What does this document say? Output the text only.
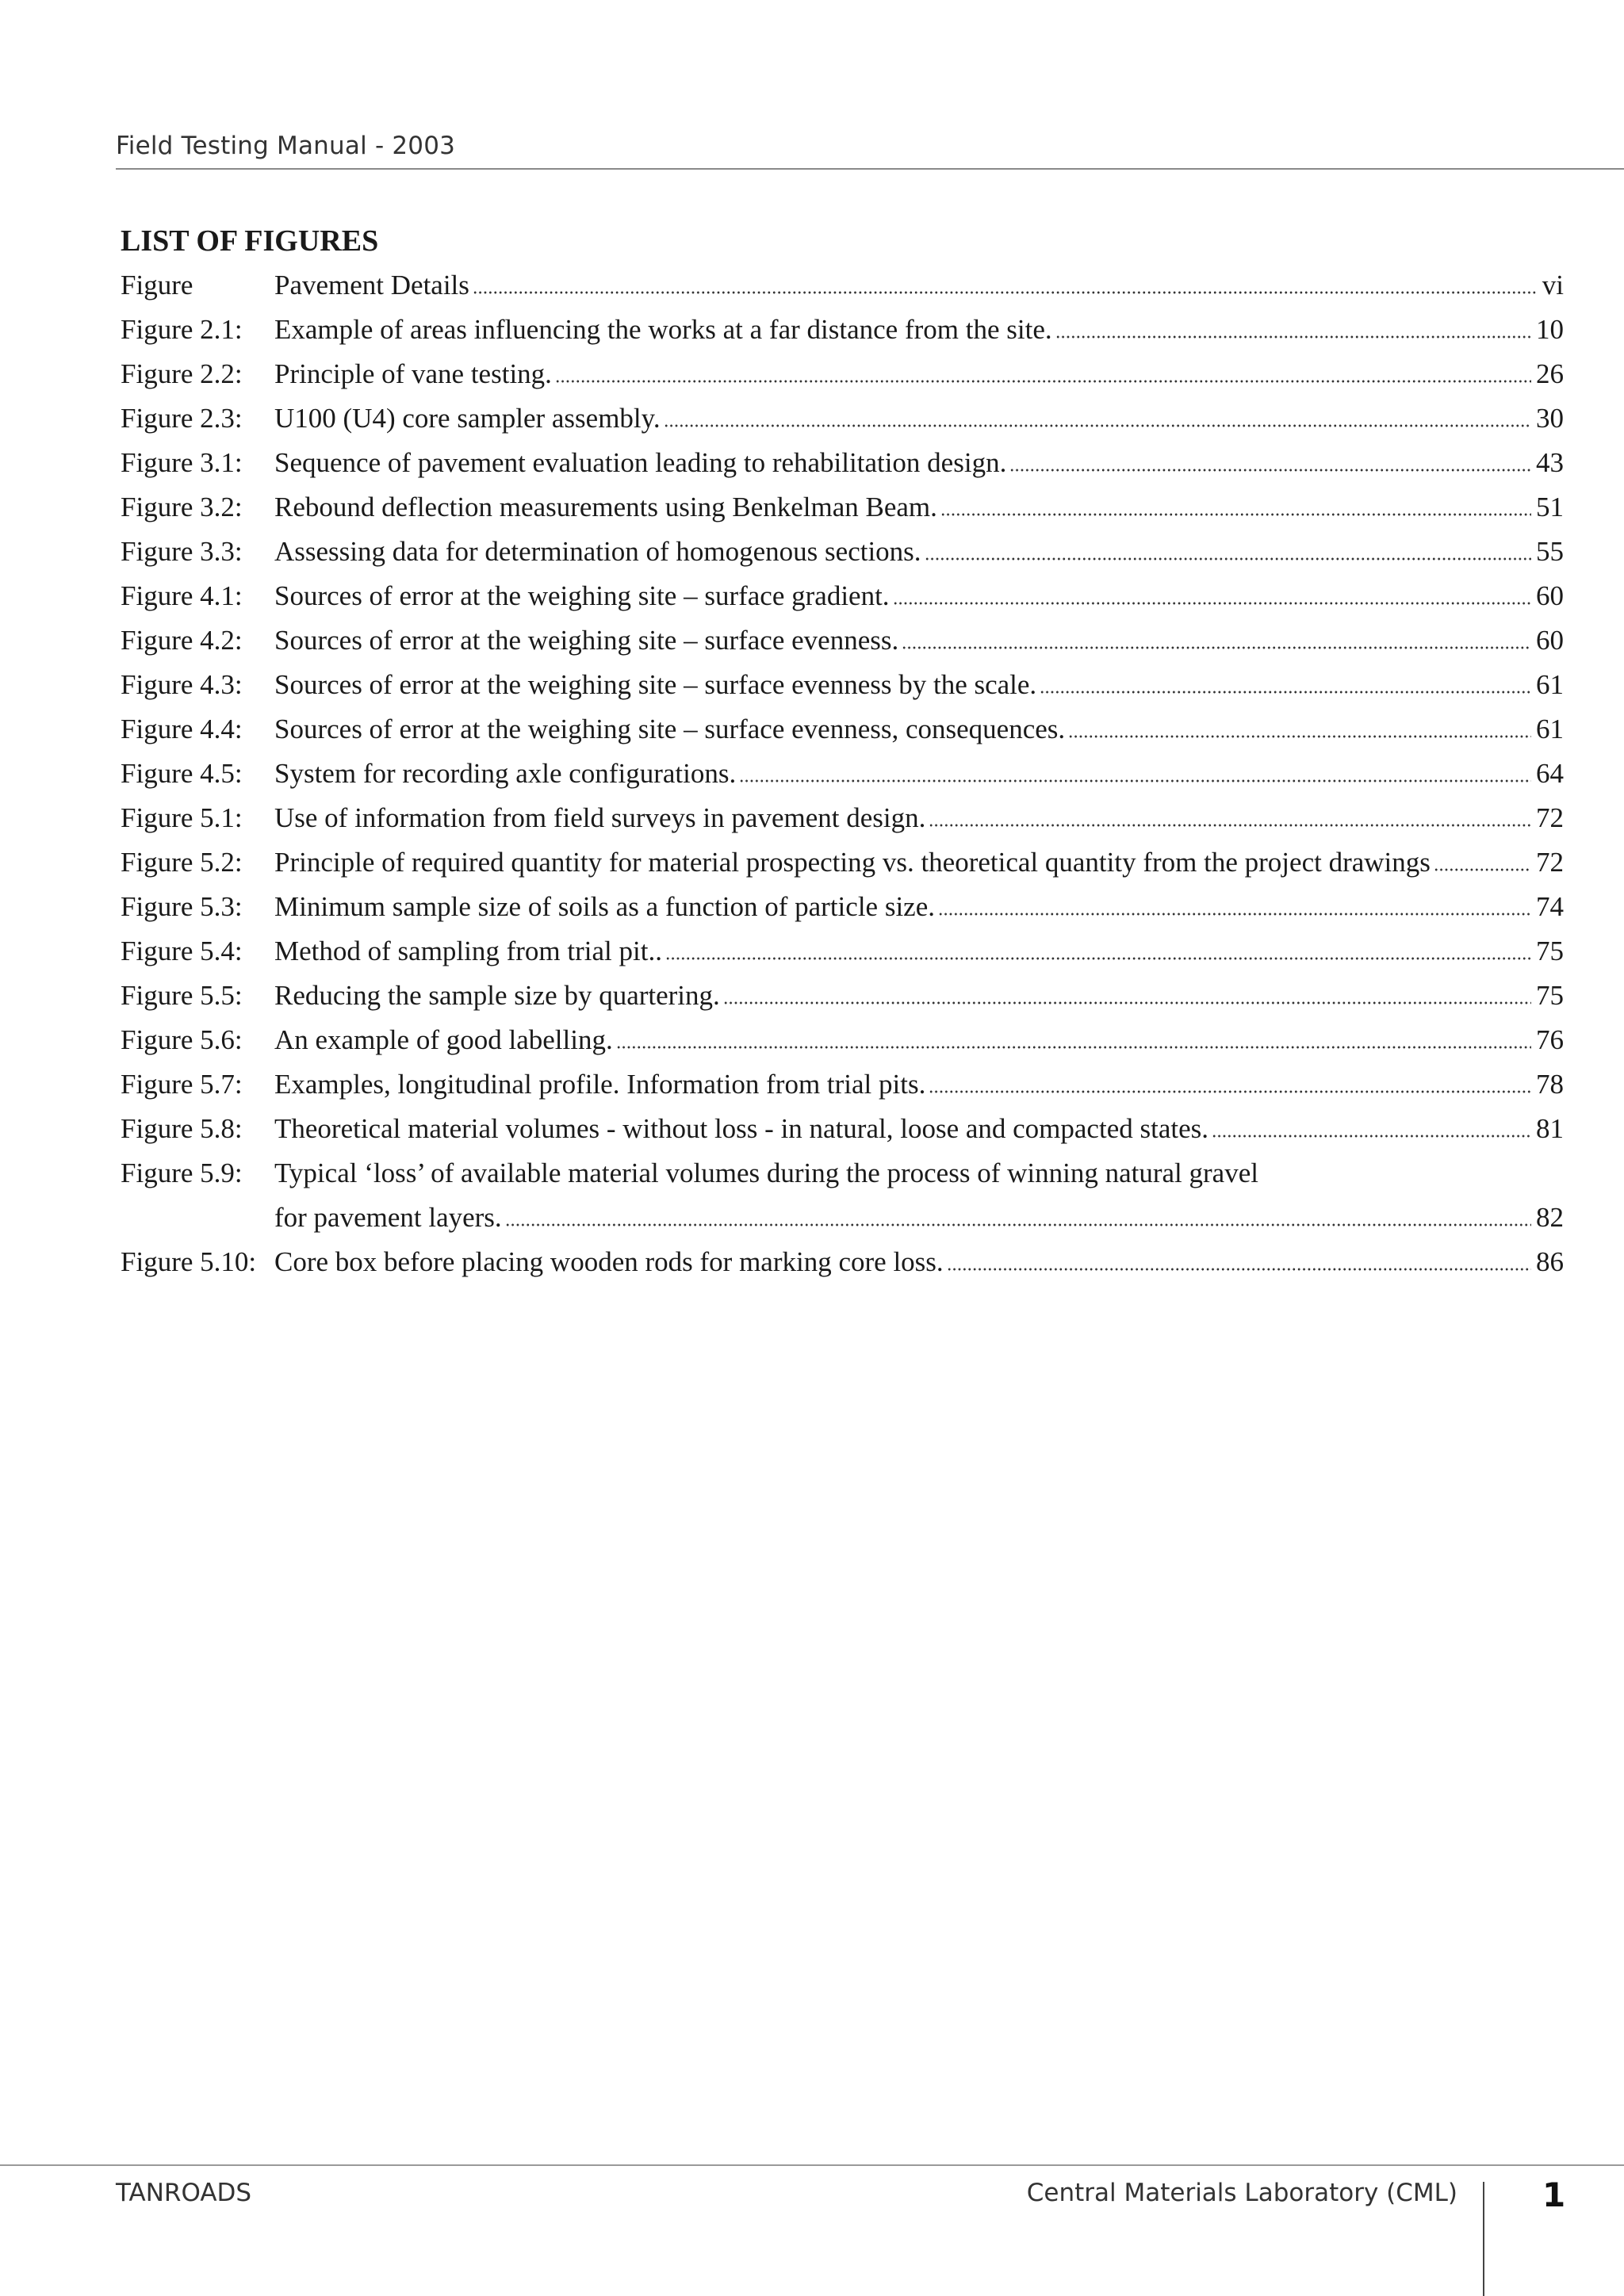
Field Testing Manual - 2003
LIST OF FIGURES
Figure	Pavement Details	vi
Figure 2.1:	Example of areas influencing the works at a far distance from the site.	10
Figure 2.2:	Principle of vane testing.	26
Figure 2.3:	U100 (U4) core sampler assembly.	30
Figure 3.1:	Sequence of pavement evaluation leading to rehabilitation design.	43
Figure 3.2:	Rebound deflection measurements using Benkelman Beam.	51
Figure 3.3:	Assessing data for determination of homogenous sections.	55
Figure 4.1:	Sources of error at the weighing site – surface gradient.	60
Figure 4.2:	Sources of error at the weighing site – surface evenness.	60
Figure 4.3:	Sources of error at the weighing site – surface evenness by the scale.	61
Figure 4.4:	Sources of error at the weighing site – surface evenness, consequences.	61
Figure 4.5:	System for recording axle configurations.	64
Figure 5.1:	Use of information from field surveys in pavement design.	72
Figure 5.2:	Principle of required quantity for material prospecting vs. theoretical quantity from the project drawings	72
Figure 5.3:	Minimum sample size of soils as a function of particle size.	74
Figure 5.4:	Method of sampling from trial pit..	75
Figure 5.5:	Reducing the sample size by quartering.	75
Figure 5.6:	An example of good labelling.	76
Figure 5.7:	Examples, longitudinal profile. Information from trial pits.	78
Figure 5.8:	Theoretical material volumes - without loss - in natural, loose and compacted states.	81
Figure 5.9:	Typical ‘loss’ of available material volumes during the process of winning natural gravel
for pavement layers.	82
Figure 5.10: Core box before placing wooden rods for marking core loss.	86
TANROADS	Central Materials Laboratory (CML)	1
